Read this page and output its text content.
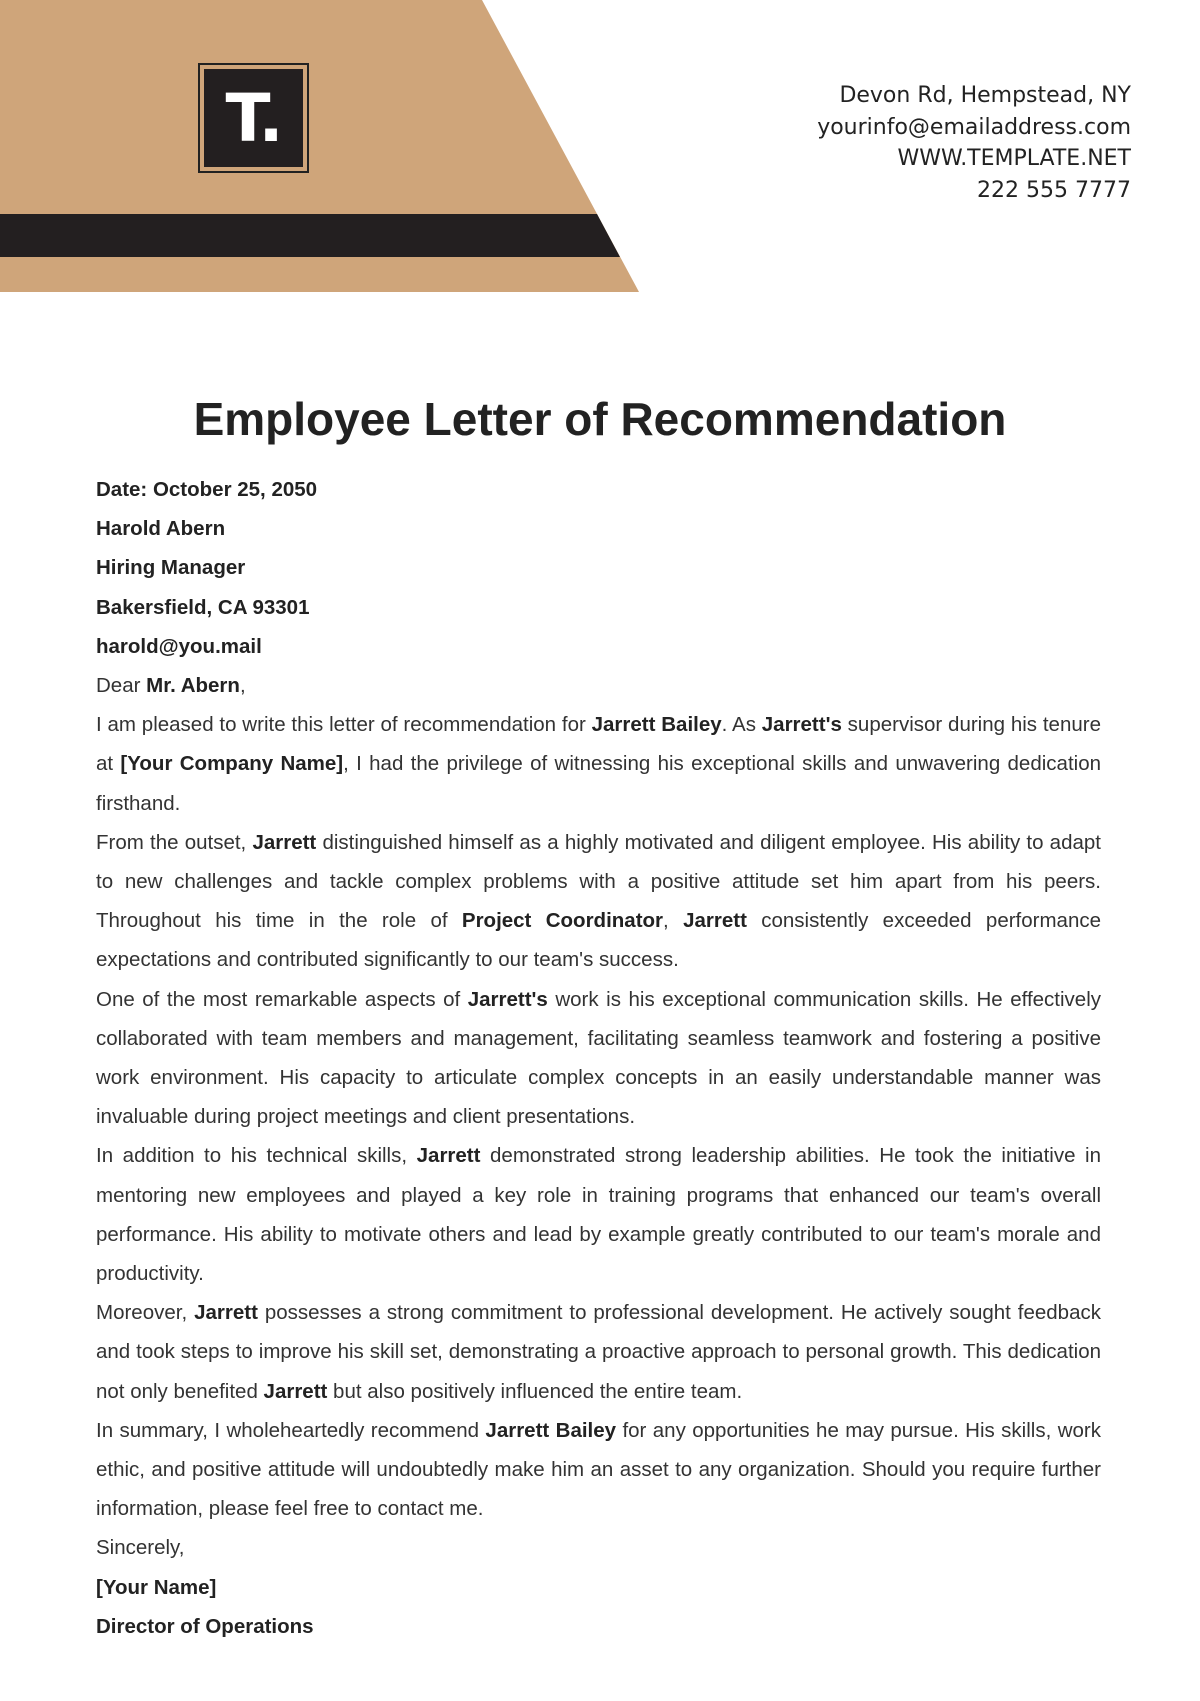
T.	Devon Rd, Hempstead, NY
yourinfo@emailaddress.com
WWW.TEMPLATE.NET
222 555 7777
Employee Letter of Recommendation

Date: October 25, 2050

Harold Abern

Hiring Manager

Bakersfield, CA 93301

harold@you.mail

Dear Mr. Abern,

I am pleased to write this letter of recommendation for Jarrett Bailey. As Jarrett's supervisor during his tenure at [Your Company Name], I had the privilege of witnessing his exceptional skills and unwavering dedication firsthand.

From the outset, Jarrett distinguished himself as a highly motivated and diligent employee. His ability to adapt to new challenges and tackle complex problems with a positive attitude set him apart from his peers. Throughout his time in the role of Project Coordinator, Jarrett consistently exceeded performance expectations and contributed significantly to our team's success.

One of the most remarkable aspects of Jarrett's work is his exceptional communication skills. He effectively collaborated with team members and management, facilitating seamless teamwork and fostering a positive work environment. His capacity to articulate complex concepts in an easily understandable manner was invaluable during project meetings and client presentations.

In addition to his technical skills, Jarrett demonstrated strong leadership abilities. He took the initiative in mentoring new employees and played a key role in training programs that enhanced our team's overall performance. His ability to motivate others and lead by example greatly contributed to our team's morale and productivity.

Moreover, Jarrett possesses a strong commitment to professional development. He actively sought feedback and took steps to improve his skill set, demonstrating a proactive approach to personal growth. This dedication not only benefited Jarrett but also positively influenced the entire team.

In summary, I wholeheartedly recommend Jarrett Bailey for any opportunities he may pursue. His skills, work ethic, and positive attitude will undoubtedly make him an asset to any organization. Should you require further information, please feel free to contact me.

Sincerely,

[Your Name]

Director of Operations
